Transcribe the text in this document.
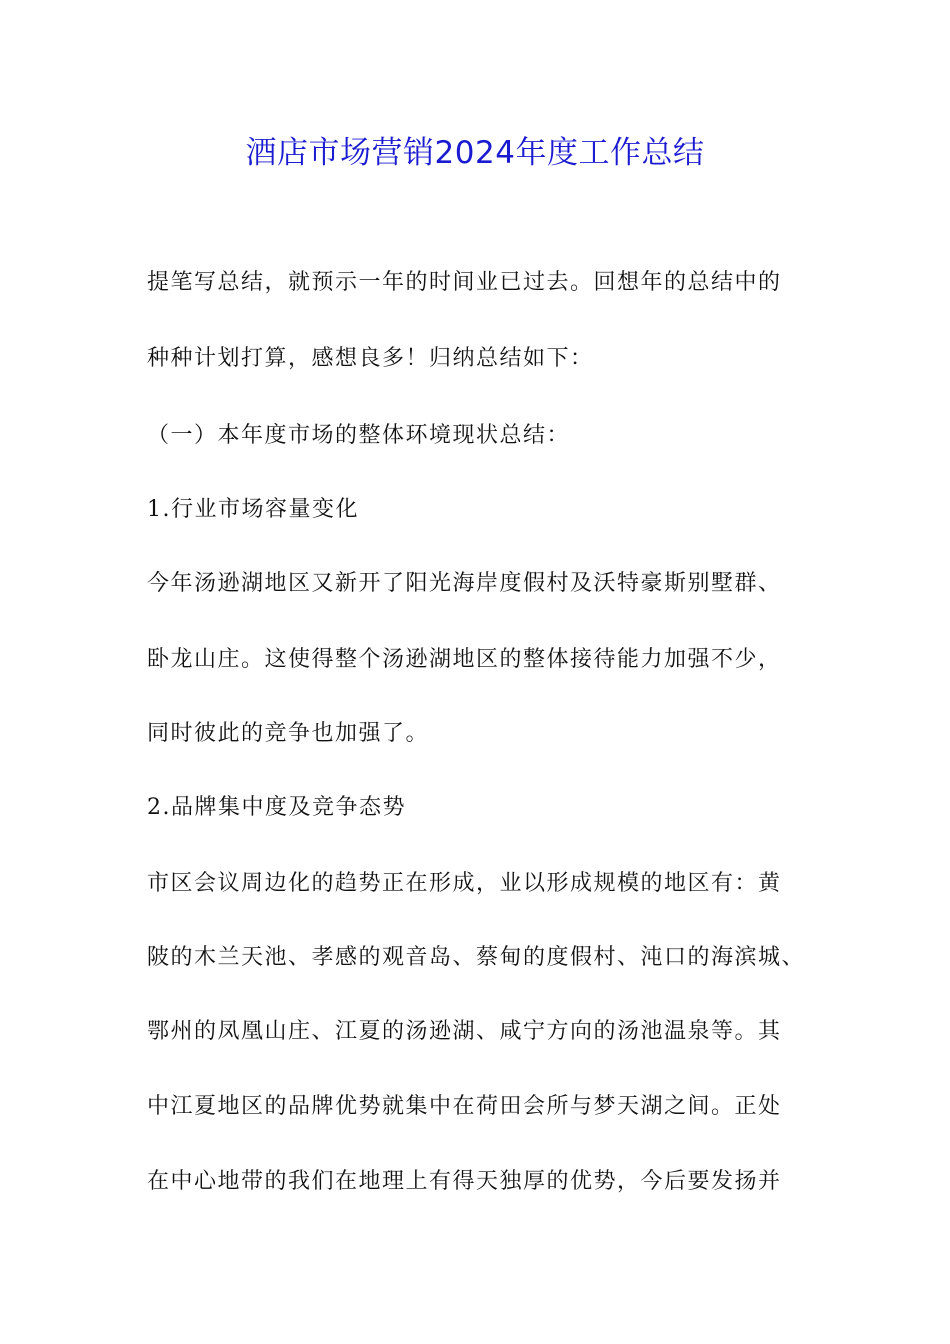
酒店市场营销2024年度工作总结

提笔写总结，就预示一年的时间业已过去。回想年的总结中的

种种计划打算，感想良多！归纳总结如下：

（一）本年度市场的整体环境现状总结：

1.行业市场容量变化

今年汤逊湖地区又新开了阳光海岸度假村及沃特豪斯别墅群、

卧龙山庄。这使得整个汤逊湖地区的整体接待能力加强不少，

同时彼此的竞争也加强了。

2.品牌集中度及竞争态势

市区会议周边化的趋势正在形成，业以形成规模的地区有：黄

陂的木兰天池、孝感的观音岛、蔡甸的度假村、沌口的海滨城、

鄂州的凤凰山庄、江夏的汤逊湖、咸宁方向的汤池温泉等。其

中江夏地区的品牌优势就集中在荷田会所与梦天湖之间。正处

在中心地带的我们在地理上有得天独厚的优势，今后要发扬并
